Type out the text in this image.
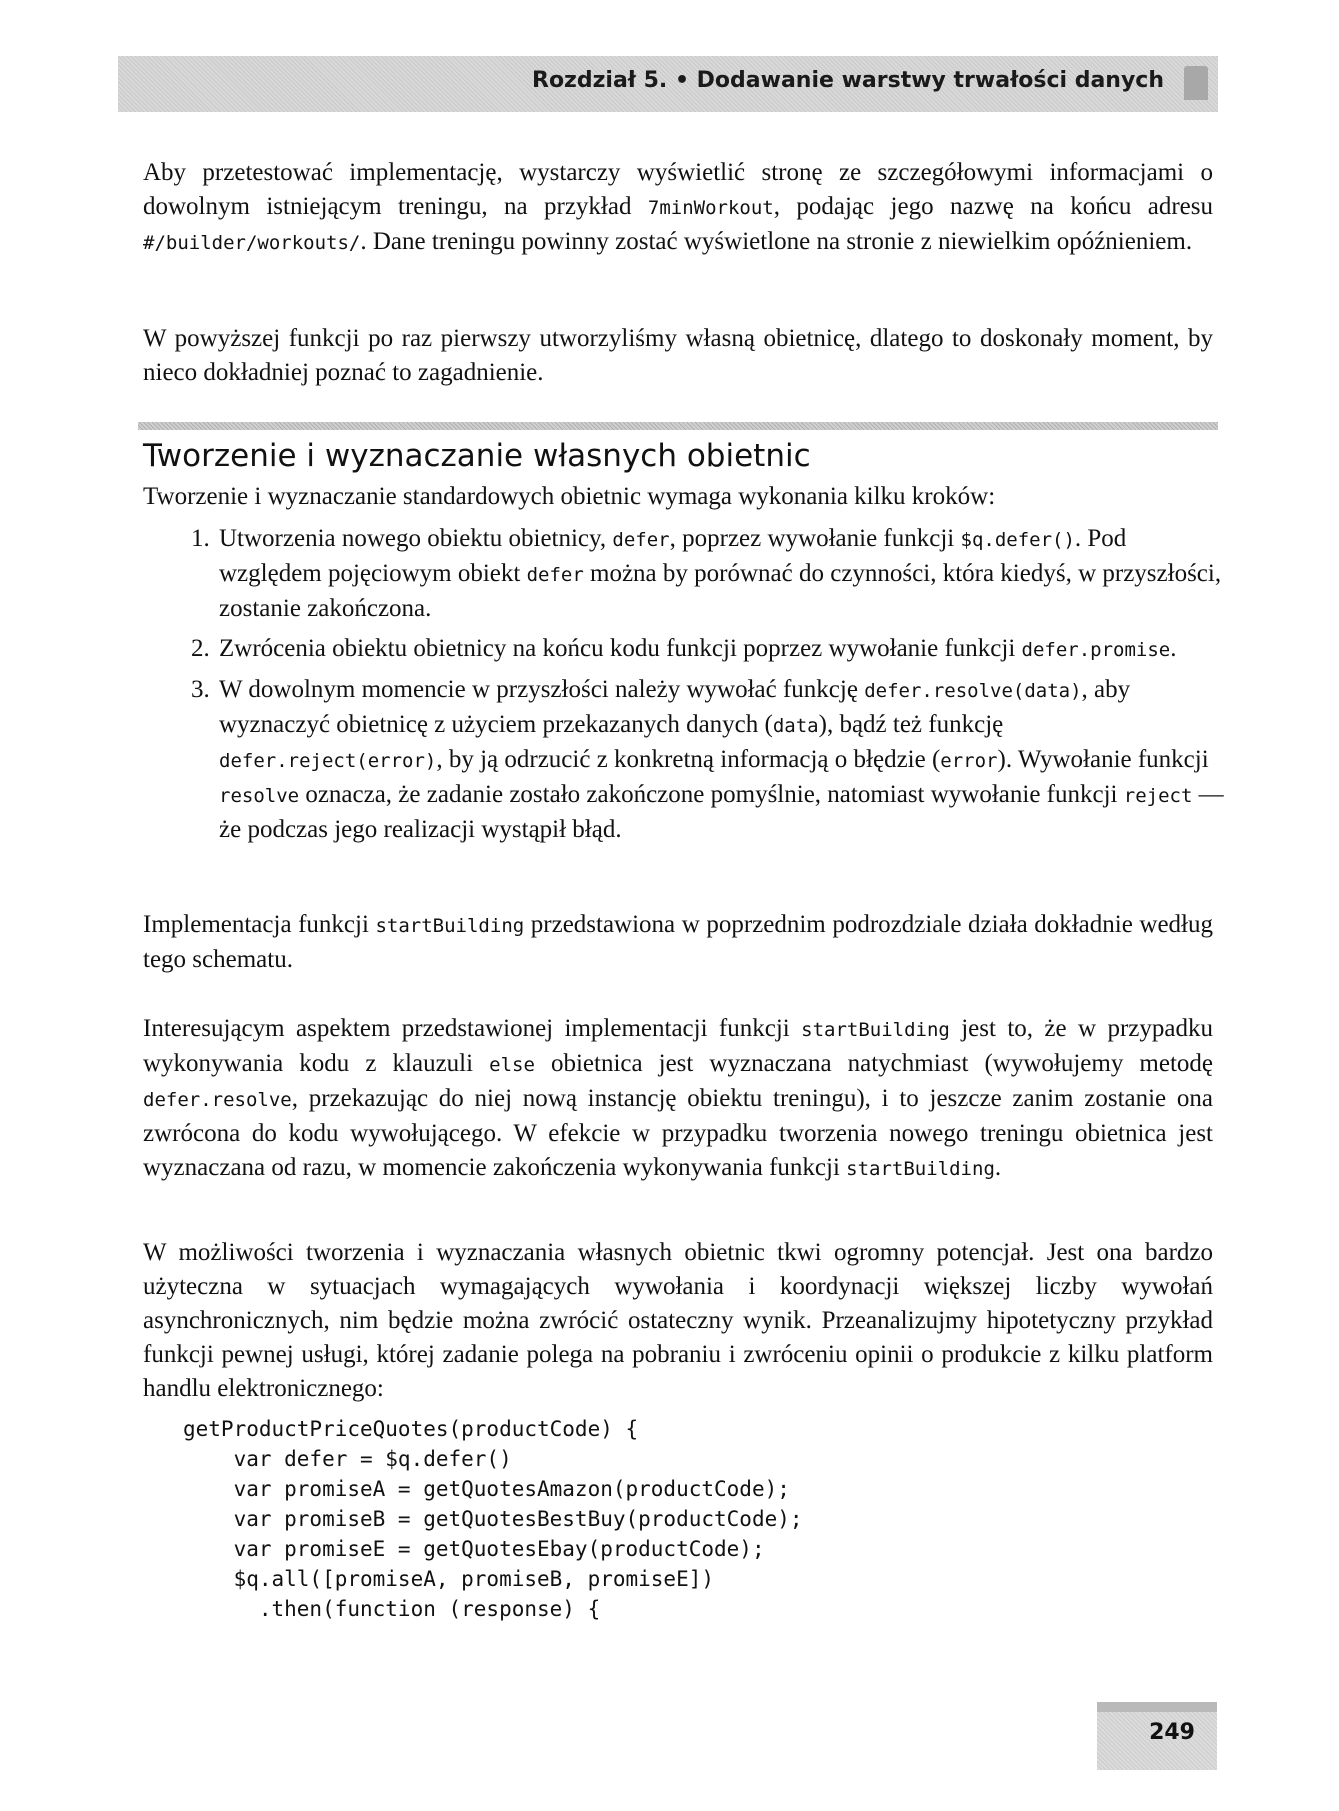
Rozdział 5. • Dodawanie warstwy trwałości danych

Aby przetestować implementację, wystarczy wyświetlić stronę ze szczegółowymi informacjami o dowolnym istniejącym treningu, na przykład 7minWorkout, podając jego nazwę na końcu adresu #/builder/workouts/. Dane treningu powinny zostać wyświetlone na stronie z niewielkim opóźnieniem.

W powyższej funkcji po raz pierwszy utworzyliśmy własną obietnicę, dlatego to doskonały moment, by nieco dokładniej poznać to zagadnienie.

Tworzenie i wyznaczanie własnych obietnic

Tworzenie i wyznaczanie standardowych obietnic wymaga wykonania kilku kroków:

1. Utworzenia nowego obiektu obietnicy, defer, poprzez wywołanie funkcji $q.defer(). Pod względem pojęciowym obiekt defer można by porównać do czynności, która kiedyś, w przyszłości, zostanie zakończona.
2. Zwrócenia obiektu obietnicy na końcu kodu funkcji poprzez wywołanie funkcji defer.promise.
3. W dowolnym momencie w przyszłości należy wywołać funkcję defer.resolve(data), aby wyznaczyć obietnicę z użyciem przekazanych danych (data), bądź też funkcję defer.reject(error), by ją odrzucić z konkretną informacją o błędzie (error). Wywołanie funkcji resolve oznacza, że zadanie zostało zakończone pomyślnie, natomiast wywołanie funkcji reject — że podczas jego realizacji wystąpił błąd.

Implementacja funkcji startBuilding przedstawiona w poprzednim podrozdziale działa dokładnie według tego schematu.

Interesującym aspektem przedstawionej implementacji funkcji startBuilding jest to, że w przypadku wykonywania kodu z klauzuli else obietnica jest wyznaczana natychmiast (wywołujemy metodę defer.resolve, przekazując do niej nową instancję obiektu treningu), i to jeszcze zanim zostanie ona zwrócona do kodu wywołującego. W efekcie w przypadku tworzenia nowego treningu obietnica jest wyznaczana od razu, w momencie zakończenia wykonywania funkcji startBuilding.

W możliwości tworzenia i wyznaczania własnych obietnic tkwi ogromny potencjał. Jest ona bardzo użyteczna w sytuacjach wymagających wywołania i koordynacji większej liczby wywołań asynchronicznych, nim będzie można zwrócić ostateczny wynik. Przeanalizujmy hipotetyczny przykład funkcji pewnej usługi, której zadanie polega na pobraniu i zwróceniu opinii o produkcie z kilku platform handlu elektronicznego:

getProductPriceQuotes(productCode) {
var defer = $q.defer()
var promiseA = getQuotesAmazon(productCode);
var promiseB = getQuotesBestBuy(productCode);
var promiseE = getQuotesEbay(productCode);
$q.all([promiseA, promiseB, promiseE])
.then(function (response) {
249
